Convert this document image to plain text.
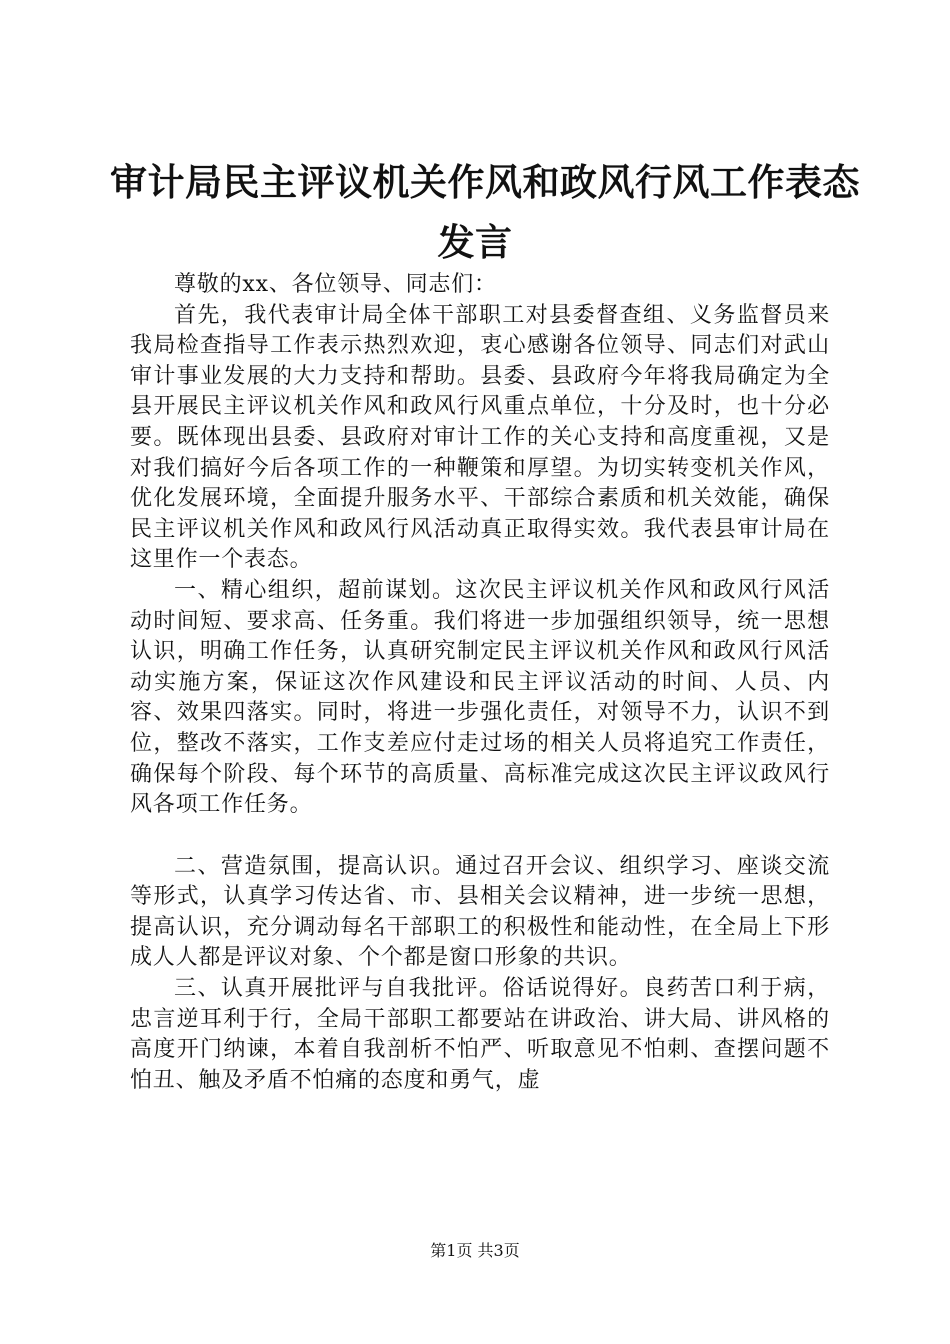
审计局民主评议机关作风和政风行风工作表态
发言

尊敬的xx、各位领导、同志们：

首先，我代表审计局全体干部职工对县委督查组、义务监督员来我局检查指导工作表示热烈欢迎，衷心感谢各位领导、同志们对武山审计事业发展的大力支持和帮助。县委、县政府今年将我局确定为全县开展民主评议机关作风和政风行风重点单位，十分及时，也十分必要。既体现出县委、县政府对审计工作的关心支持和高度重视，又是对我们搞好今后各项工作的一种鞭策和厚望。为切实转变机关作风，优化发展环境，全面提升服务水平、干部综合素质和机关效能，确保民主评议机关作风和政风行风活动真正取得实效。我代表县审计局在这里作一个表态。

一、精心组织，超前谋划。这次民主评议机关作风和政风行风活动时间短、要求高、任务重。我们将进一步加强组织领导，统一思想认识，明确工作任务，认真研究制定民主评议机关作风和政风行风活动实施方案，保证这次作风建设和民主评议活动的时间、人员、内容、效果四落实。同时，将进一步强化责任，对领导不力，认识不到位，整改不落实，工作支差应付走过场的相关人员将追究工作责任，确保每个阶段、每个环节的高质量、高标准完成这次民主评议政风行风各项工作任务。

二、营造氛围，提高认识。通过召开会议、组织学习、座谈交流等形式，认真学习传达省、市、县相关会议精神，进一步统一思想，提高认识，充分调动每名干部职工的积极性和能动性，在全局上下形成人人都是评议对象、个个都是窗口形象的共识。

三、认真开展批评与自我批评。俗话说得好。良药苦口利于病，忠言逆耳利于行，全局干部职工都要站在讲政治、讲大局、讲风格的高度开门纳谏，本着自我剖析不怕严、听取意见不怕刺、查摆问题不怕丑、触及矛盾不怕痛的态度和勇气，虚

第1页 共3页
